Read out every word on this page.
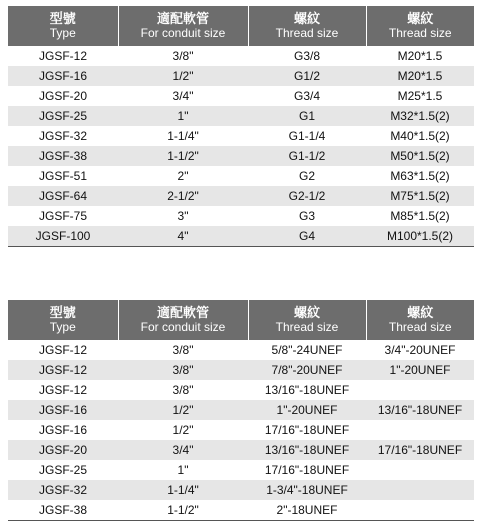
型號
Type	適配軟管
For conduit size	螺紋
Thread size	螺紋
Thread size

JGSF-12	3/8"	G3/8	M20*1.5
JGSF-16	1/2"	G1/2	M20*1.5
JGSF-20	3/4"	G3/4	M25*1.5
JGSF-25	1"	G1	M32*1.5(2)
JGSF-32	1-1/4"	G1-1/4	M40*1.5(2)
JGSF-38	1-1/2"	G1-1/2	M50*1.5(2)
JGSF-51	2"	G2	M63*1.5(2)
JGSF-64	2-1/2"	G2-1/2	M75*1.5(2)
JGSF-75	3"	G3	M85*1.5(2)
JGSF-100	4"	G4	M100*1.5(2)
型號
Type	適配軟管
For conduit size	螺紋
Thread size	螺紋
Thread size

JGSF-12	3/8"	5/8"-24UNEF	3/4"-20UNEF
JGSF-12	3/8"	7/8"-20UNEF	1"-20UNEF
JGSF-12	3/8"	13/16"-18UNEF	
JGSF-16	1/2"	1"-20UNEF	13/16"-18UNEF
JGSF-16	1/2"	17/16"-18UNEF	
JGSF-20	3/4"	13/16"-18UNEF	17/16"-18UNEF
JGSF-25	1"	17/16"-18UNEF	
JGSF-32	1-1/4"	1-3/4"-18UNEF	
JGSF-38	1-1/2"	2"-18UNEF	
